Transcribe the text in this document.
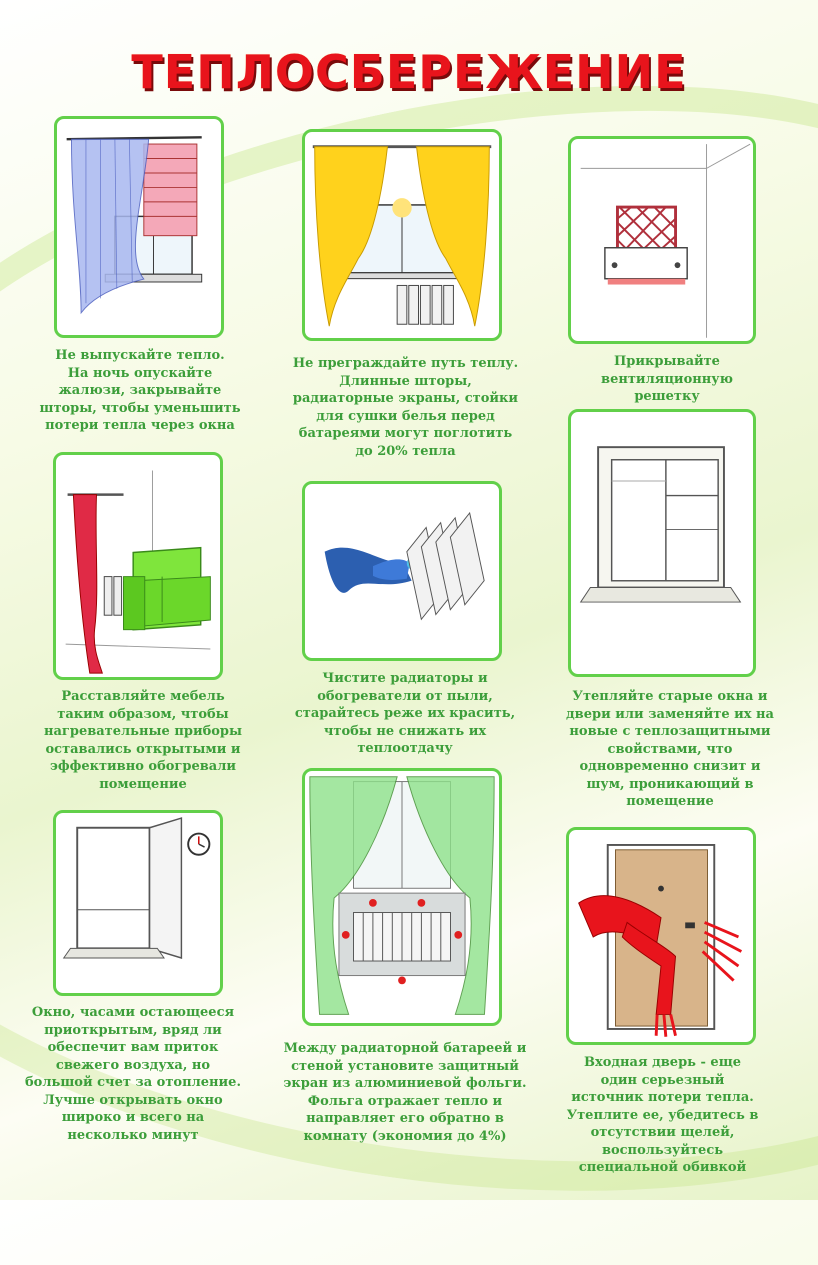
ТЕПЛОСБЕРЕЖЕНИЕ
Не выпускайте тепло.
На ночь опускайте
жалюзи, закрывайте
шторы, чтобы уменьшить
потери тепла через окна
Не преграждайте путь теплу.
Длинные шторы,
радиаторные экраны, стойки
для сушки белья перед
батареями могут поглотить
до 20% тепла
Прикрывайте
вентиляционную
решетку
Расставляйте мебель
таким образом, чтобы
нагревательные приборы
оставались открытыми и
эффективно обогревали
помещение
Чистите радиаторы и
обогреватели от пыли,
старайтесь реже их красить,
чтобы не снижать их
теплоотдачу
Утепляйте старые окна и
двери или заменяйте их на
новые с теплозащитными
свойствами, что
одновременно снизит и
шум, проникающий в
помещение
Окно, часами остающееся
приоткрытым, вряд ли
обеспечит вам приток
свежего воздуха, но
большой счет за отопление.
Лучше открывать окно
широко и всего на
несколько минут
Между радиаторной батареей и
стеной установите защитный
экран из алюминиевой фольги.
Фольга отражает тепло и
направляет его обратно в
комнату (экономия до 4%)
Входная дверь - еще
один серьезный
источник потери тепла.
Утеплите ее, убедитесь в
отсутствии щелей,
воспользуйтесь
специальной обивкой
